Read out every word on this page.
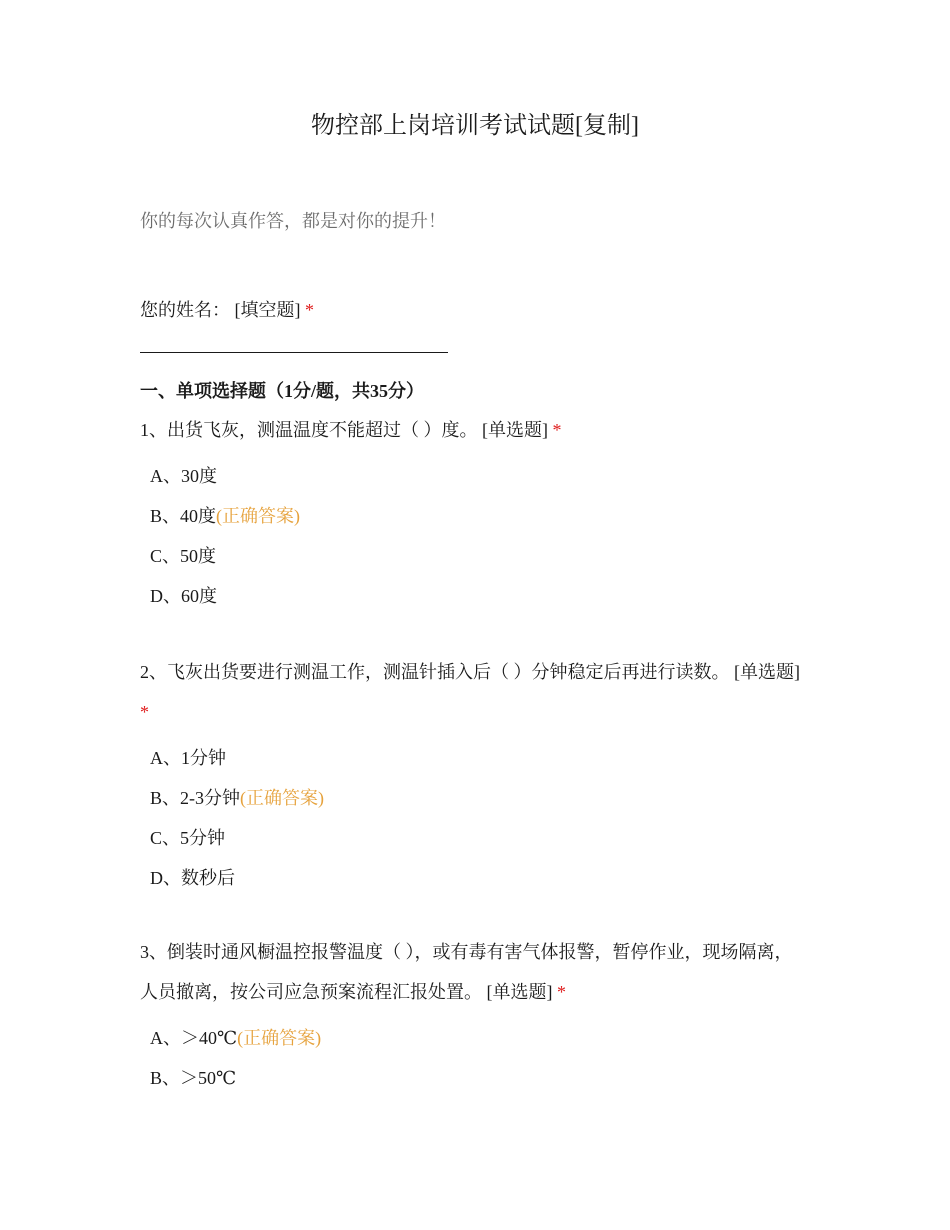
物控部上岗培训考试试题[复制]
你的每次认真作答，都是对你的提升！
您的姓名： [填空题] *
一、单项选择题（1分/题，共35分）

1、出货飞灰，测温温度不能超过（ ）度。 [单选题] *

A、30度
B、40度(正确答案)
C、50度
D、60度

2、飞灰出货要进行测温工作，测温针插入后（ ）分钟稳定后再进行读数。 [单选题] *

A、1分钟
B、2-3分钟(正确答案)
C、5分钟
D、数秒后

3、倒装时通风橱温控报警温度（ ），或有毒有害气体报警，暂停作业，现场隔离，人员撤离，按公司应急预案流程汇报处置。 [单选题] *

A、＞40℃(正确答案)
B、＞50℃
